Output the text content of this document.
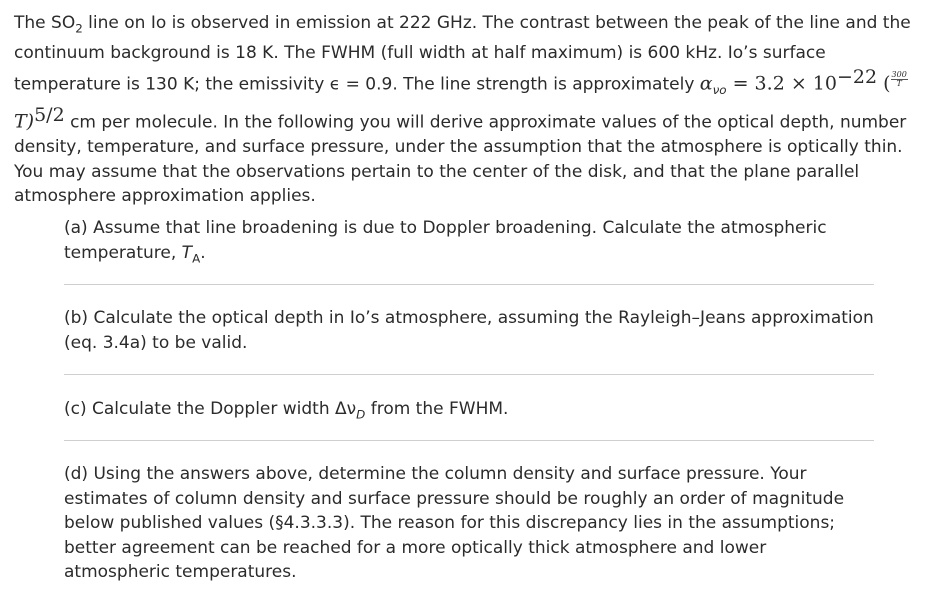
The $SO_2$ line on Io is observed in emission at 222 GHz. The contrast between the peak of the line and the continuum background is 18 K. The FWHM (full width at half maximum) is 600 kHz. Io’s surface temperature is 130 K; the emissivity ϵ = 0.9. The line strength is approximately $\alpha_{\nu o} = 3.2 \times 10^{-22}$ ( $\frac{300}{T}$
T)$^{5/2}$ cm per molecule. In the following you will derive approximate values of the optical depth, number density, temperature, and surface pressure, under the assumption that the atmosphere is optically thin. You may assume that the observations pertain to the center of the disk, and that the plane parallel atmosphere approximation applies.

(a) Assume that line broadening is due to Doppler broadening. Calculate the atmospheric temperature, $T_A$.

(b) Calculate the optical depth in Io’s atmosphere, assuming the Rayleigh–Jeans approximation (eq. 3.4a) to be valid.

(c) Calculate the Doppler width $\Delta\nu_D$ from the FWHM.

(d) Using the answers above, determine the column density and surface pressure. Your estimates of column density and surface pressure should be roughly an order of magnitude below published values (§4.3.3.3). The reason for this discrepancy lies in the assumptions; better agreement can be reached for a more optically thick atmosphere and lower atmospheric temperatures.
